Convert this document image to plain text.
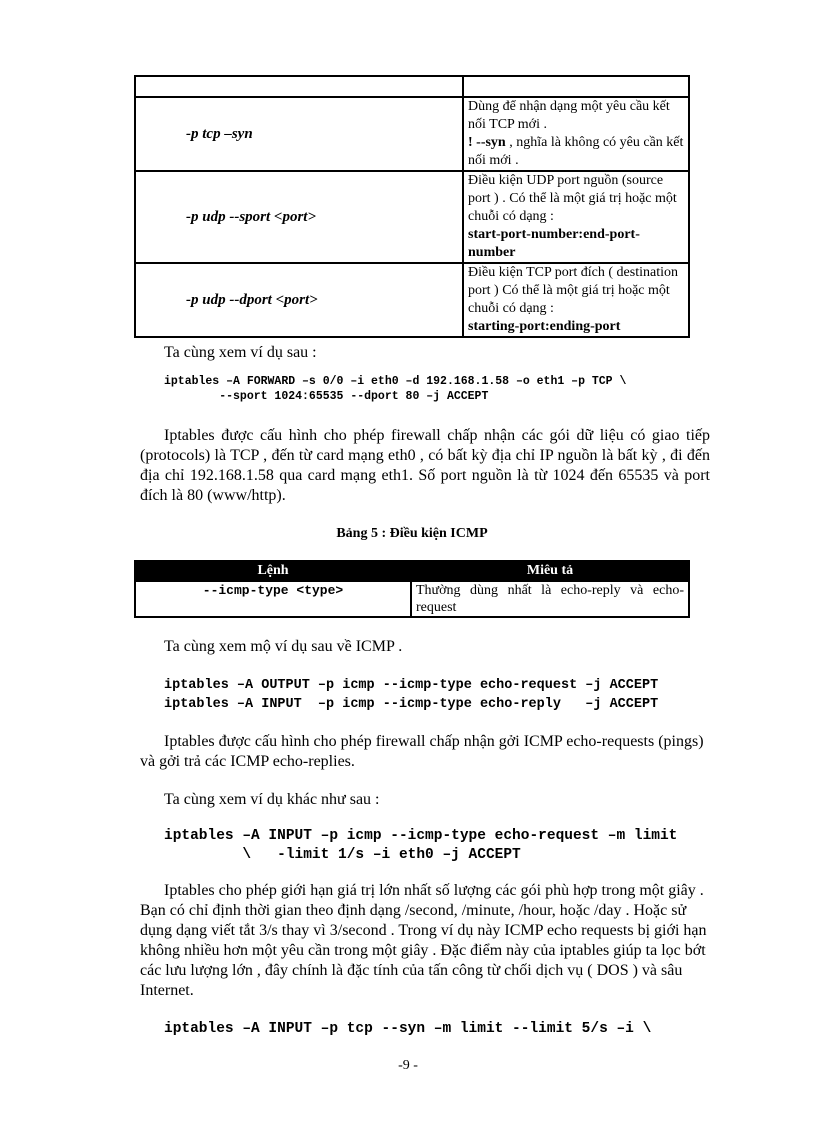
-p tcp –syn	Dùng để nhận dạng một yêu cầu kết nối TCP mới .
! --syn , nghĩa là không có yêu cần kết nối mới .
-p udp --sport <port>	Điều kiện UDP port nguồn (source port ) . Có thể là một giá trị hoặc một chuỗi có dạng :
start-port-number:end-port-number
-p udp --dport <port>	Điều kiện TCP port đích ( destination port ) Có thể là một giá trị hoặc một chuỗi có dạng :
starting-port:ending-port
Ta cùng xem ví dụ sau :
iptables –A FORWARD –s 0/0 –i eth0 –d 192.168.1.58 –o eth1 –p TCP \
--sport 1024:65535 --dport 80 –j ACCEPT
Iptables được cấu hình cho phép firewall chấp nhận các gói dữ liệu có giao tiếp (protocols) là TCP , đến từ card mạng eth0 , có bất kỳ địa chỉ IP nguồn là bất kỳ , đi đến địa chỉ 192.168.1.58 qua card mạng eth1. Số port nguồn là từ 1024 đến 65535 và port đích là 80 (www/http).
Bảng 5 : Điều kiện ICMP
Lệnh	Miêu tả
--icmp-type <type>	Thường dùng nhất là echo-reply và echo-request
Ta cùng xem mộ ví dụ sau về ICMP .
iptables –A OUTPUT –p icmp --icmp-type echo-request –j ACCEPT
iptables –A INPUT  –p icmp --icmp-type echo-reply   –j ACCEPT
Iptables được cấu hình cho phép firewall chấp nhận gởi ICMP echo-requests (pings) và gởi trả các ICMP echo-replies.
Ta cùng xem ví dụ khác như sau :
iptables –A INPUT –p icmp --icmp-type echo-request –m limit
\   -limit 1/s –i eth0 –j ACCEPT
Iptables cho phép giới hạn giá trị lớn nhất số lượng các gói phù hợp trong một giây . Bạn có chỉ định thời gian theo định dạng /second, /minute, /hour, hoặc /day . Hoặc sử dụng dạng viết tắt 3/s thay vì 3/second . Trong ví dụ này ICMP echo requests bị giới hạn không nhiều hơn một yêu cần trong một giây . Đặc điểm này của iptables giúp ta lọc bớt các lưu lượng lớn , đây chính là đặc tính của tấn công từ chối dịch vụ ( DOS ) và sâu Internet.
iptables –A INPUT –p tcp --syn –m limit --limit 5/s –i \
-9 -
